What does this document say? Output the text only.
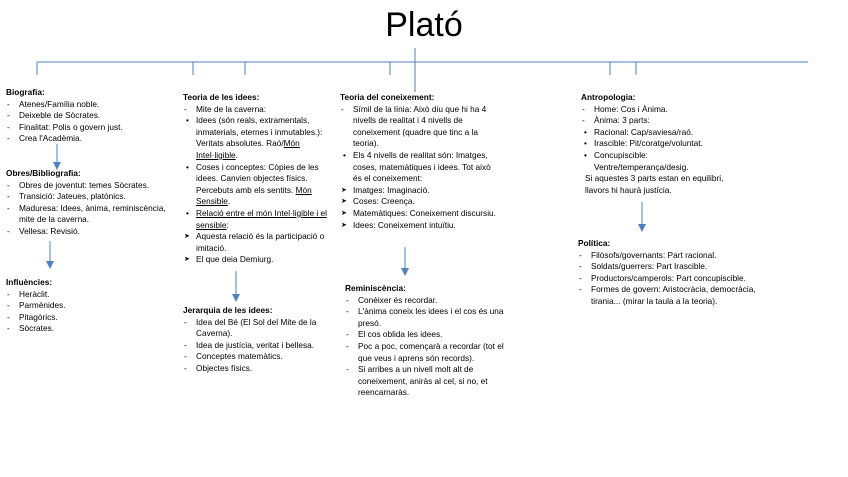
Plató
Biografia:
- Atenes/Família noble.
- Deixeble de Sòcrates.
- Finalitat: Polis o govern just.
- Crea l'Acadèmia.
Obres/Bibliografia:
- Obres de joventut: temes Sòcrates.
- Transició: Jateues, platònics.
- Maduresa: Idees, ànima, reminiscència, mite de la caverna.
- Vellesa: Revisió.
Influències:
- Heràclit.
- Parmènides.
- Pitagòrics.
- Sòcrates.
Teoria de les idees:
- Mite de la caverna:
• Idees (són reals, extramentals, inmaterials, eternes i inmutables.): Veritats absolutes. Raó/Món Intel·ligible.
• Coses i conceptes: Còpies de les idees. Canvien objectes físics. Percebuts amb els sentits. Món Sensible.
• Relació entre el món Intel·ligible i el sensible:
➤ Aquesta relació és la participació o imitació.
➤ El que deia Demiurg.
Jerarquia de les idees:
- Idea del Bé (El Sol del Mite de la Caverna).
- Idea de justícia, veritat i bellesa.
- Conceptes matemàtics.
- Objectes físics.
Teoria del coneixement:
- Símil de la línia: Això diu que hi ha 4 nivells de realitat i 4 nivells de coneixement (quadre que tinc a la teoria).
• Els 4 nivells de realitat són: Imatges, coses, matemàtiques i idees. Tot això és el coneixement:
➤ Imatges: Imaginació.
➤ Coses: Creença.
➤ Matemàtiques: Coneixement discursiu.
➤ Idees: Coneixement intuïtiu.
Reminiscència:
- Conèixer és recordar.
- L'ànima coneix les idees i el cos és una presó.
- El cos oblida les idees.
- Poc a poc, començarà a recordar (tot el que veus i aprens són records).
- Si arribes a un nivell molt alt de coneixement, aniràs al cel, si no, et reencarnaràs.
Antropologia:
- Home: Cos i Ànima.
- Ànima: 3 parts:
• Racional: Cap/saviesa/raó.
• Irascible: Pit/coratge/voluntat.
• Concupiscible: Ventre/temperança/desig.
Si aquestes 3 parts estan en equilibri, llavors hi haurà justícia.
Política:
- Filòsofs/governants: Part racional.
- Soldats/guerrers: Part Irascible.
- Productors/camperols: Part concupiscible.
- Formes de govern: Aristocràcia, democràcia, tirania... (mirar la taula a la teoria).
